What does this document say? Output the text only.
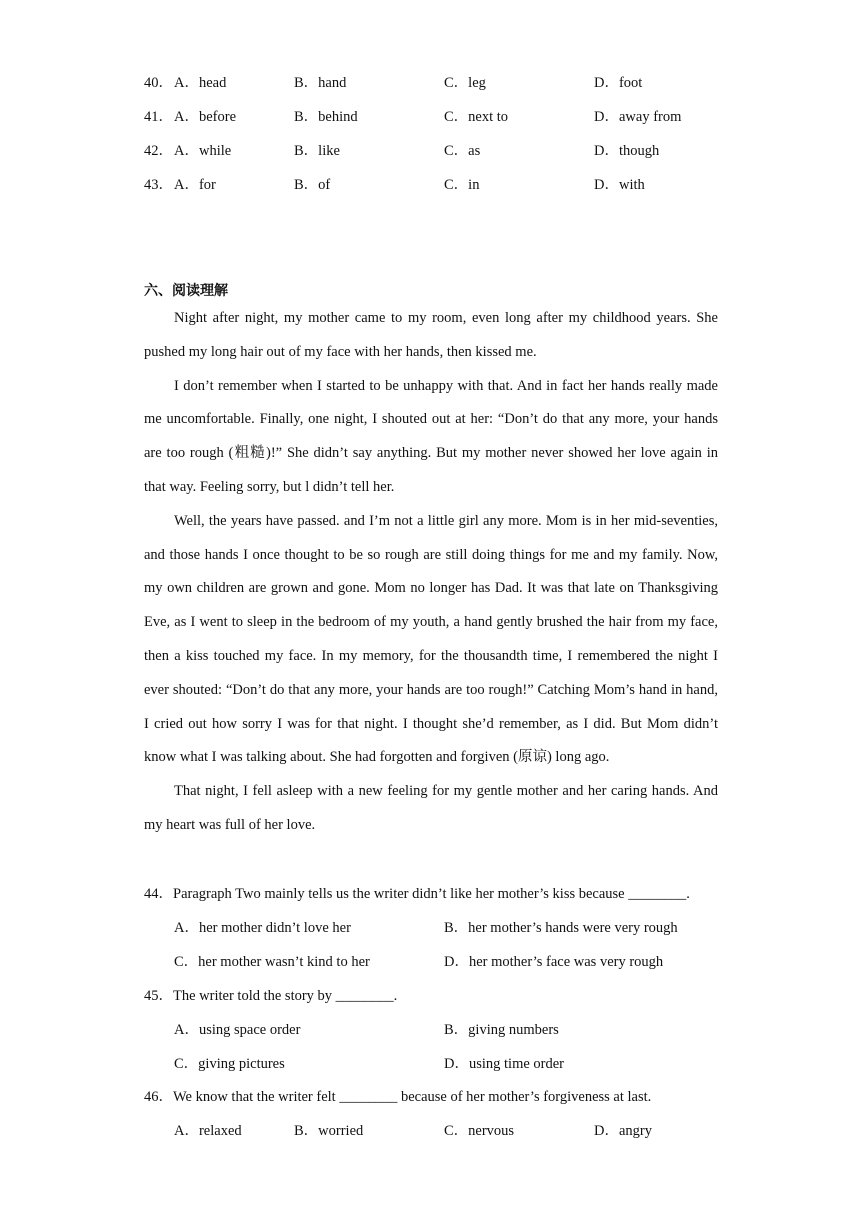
40． A．head	B．hand	C．leg	D．foot
41． A．before	B．behind	C．next to	D．away from
42． A．while	B．like	C．as	D．though
43． A．for	B．of	C．in	D．with
六、阅读理解

Night after night, my mother came to my room, even long after my childhood years. She pushed my long hair out of my face with her hands, then kissed me.

I don’t remember when I started to be unhappy with that. And in fact her hands really made me uncomfortable. Finally, one night, I shouted out at her: “Don’t do that any more, your hands are too rough (粗糙)!” She didn’t say anything. But my mother never showed her love again in that way. Feeling sorry, but l didn’t tell her.

Well, the years have passed. and I’m not a little girl any more. Mom is in her mid-seventies, and those hands I once thought to be so rough are still doing things for me and my family. Now, my own children are grown and gone. Mom no longer has Dad. It was that late on Thanksgiving Eve, as I went to sleep in the bedroom of my youth, a hand gently brushed the hair from my face, then a kiss touched my face. In my memory, for the thousandth time, I remembered the night I ever shouted: “Don’t do that any more, your hands are too rough!” Catching Mom’s hand in hand, I cried out how sorry I was for that night. I thought she’d remember, as I did. But Mom didn’t know what I was talking about. She had forgotten and forgiven (原谅) long ago.

That night, I fell asleep with a new feeling for my gentle mother and her caring hands. And my heart was full of her love.

44．Paragraph Two mainly tells us the writer didn’t like her mother’s kiss because ________.
A．her mother didn’t love her	B．her mother’s hands were very rough
C．her mother wasn’t kind to her	D．her mother’s face was very rough
45．The writer told the story by ________.
A．using space order	B．giving numbers
C．giving pictures	D．using time order
46．We know that the writer felt ________ because of her mother’s forgiveness at last.
A．relaxed	B．worried	C．nervous	D．angry
